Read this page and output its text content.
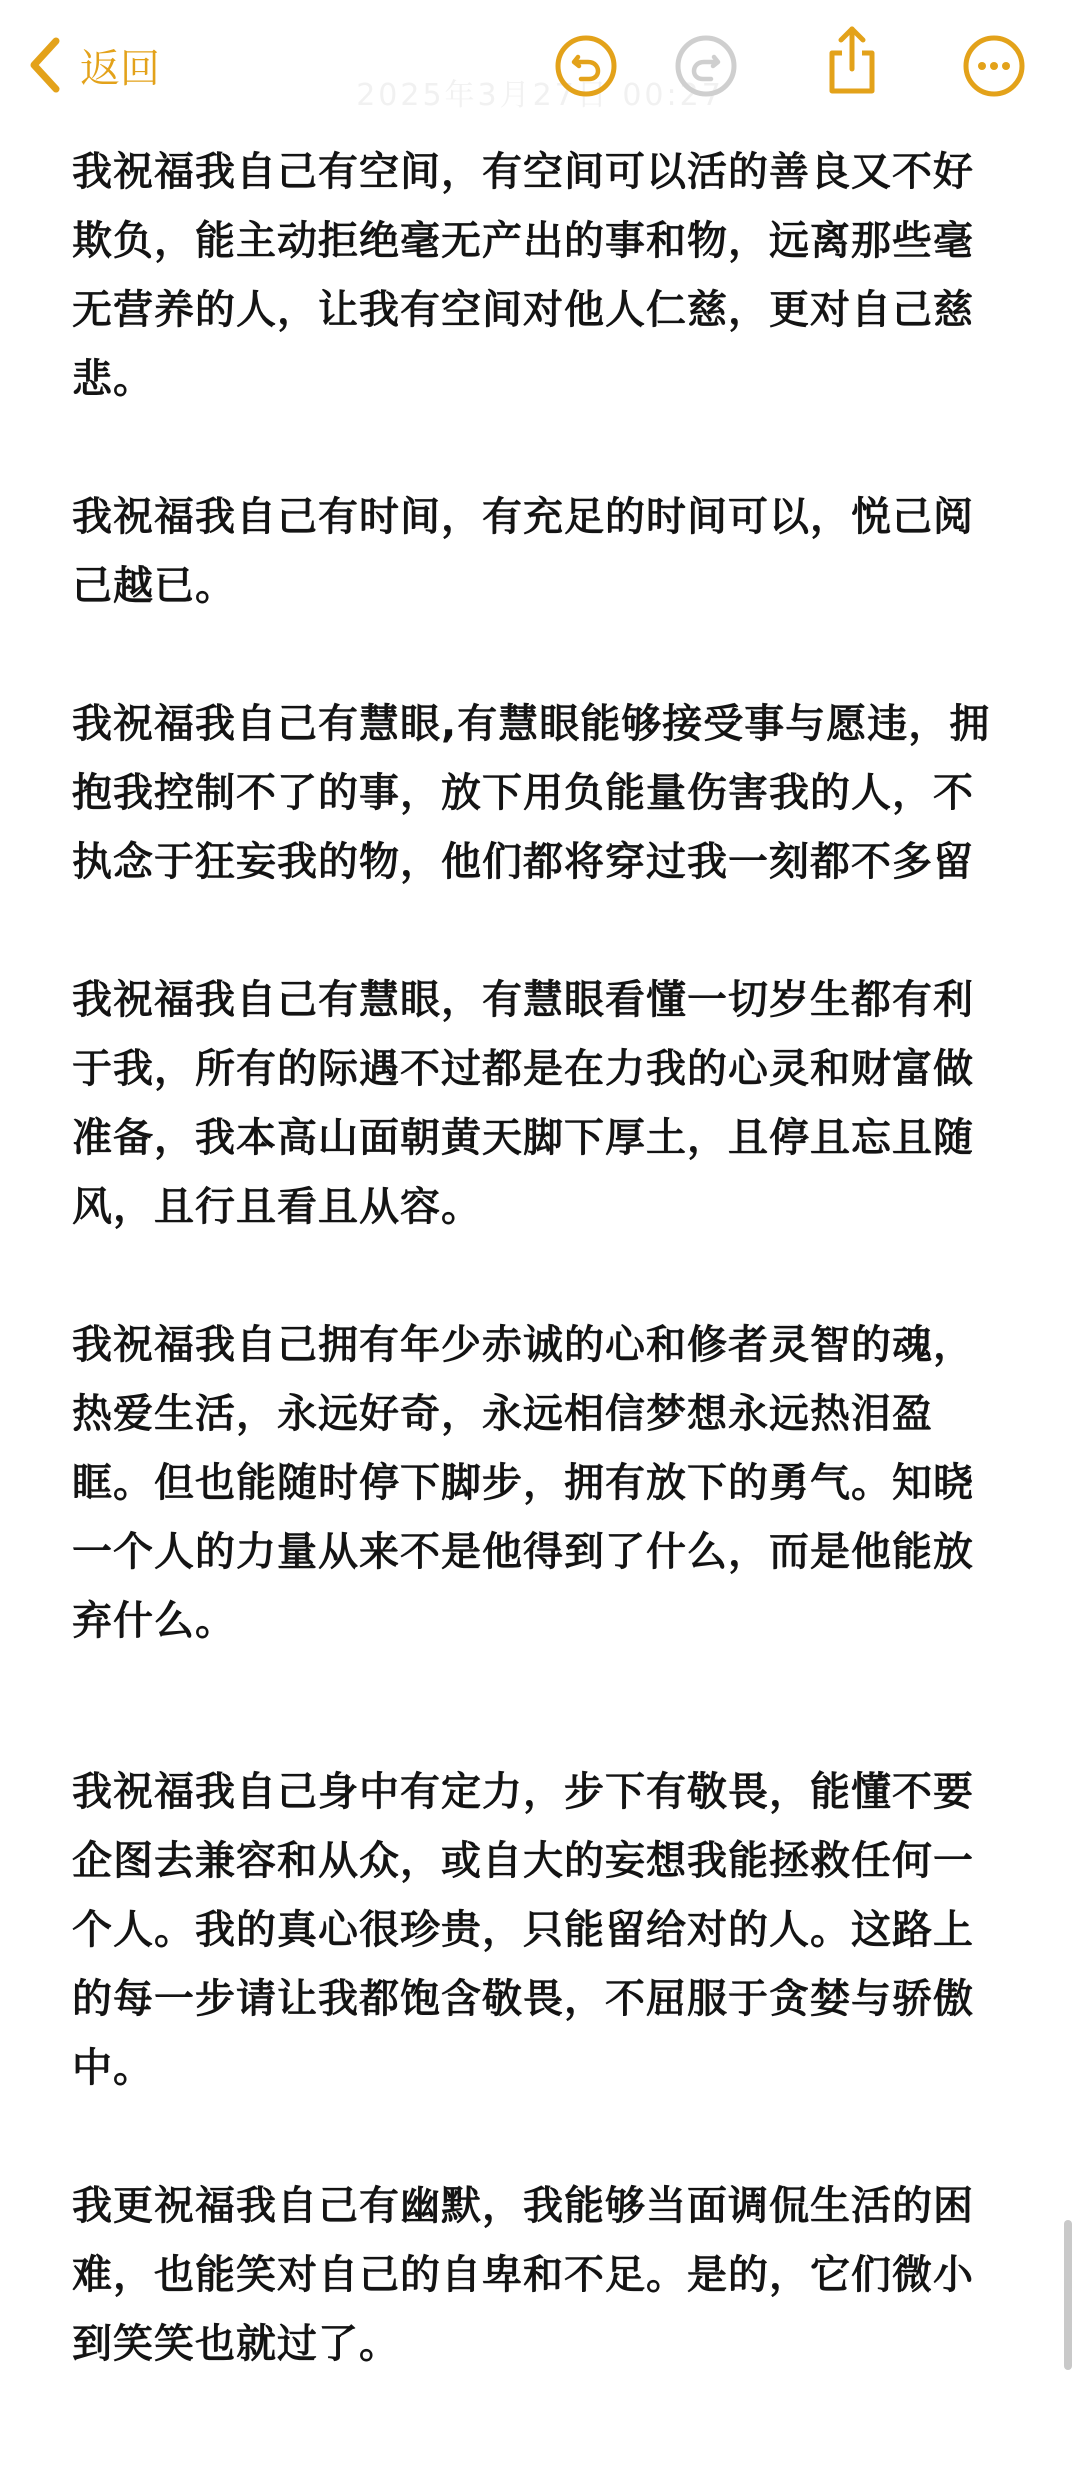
返回
2025年3月27日 00:27

我祝福我自己有空间，有空间可以活的善良又不好欺负，能主动拒绝毫无产出的事和物，远离那些毫无营养的人，让我有空间对他人仁慈，更对自己慈悲。

我祝福我自己有时间，有充足的时间可以，悦己阅己越已。

我祝福我自己有慧眼,有慧眼能够接受事与愿违，拥抱我控制不了的事，放下用负能量伤害我的人，不执念于狂妄我的物，他们都将穿过我一刻都不多留

我祝福我自己有慧眼，有慧眼看懂一切岁生都有利于我，所有的际遇不过都是在力我的心灵和财富做准备，我本高山面朝黄天脚下厚土，且停且忘且随风，且行且看且从容。

我祝福我自己拥有年少赤诚的心和修者灵智的魂，热爱生活，永远好奇，永远相信梦想永远热泪盈眶。但也能随时停下脚步，拥有放下的勇气。知晓一个人的力量从来不是他得到了什么，而是他能放弃什么。

我祝福我自己身中有定力，步下有敬畏，能懂不要企图去兼容和从众，或自大的妄想我能拯救任何一个人。我的真心很珍贵，只能留给对的人。这路上的每一步请让我都饱含敬畏，不屈服于贪婪与骄傲中。

我更祝福我自己有幽默，我能够当面调侃生活的困难，也能笑对自己的自卑和不足。是的，它们微小到笑笑也就过了。
